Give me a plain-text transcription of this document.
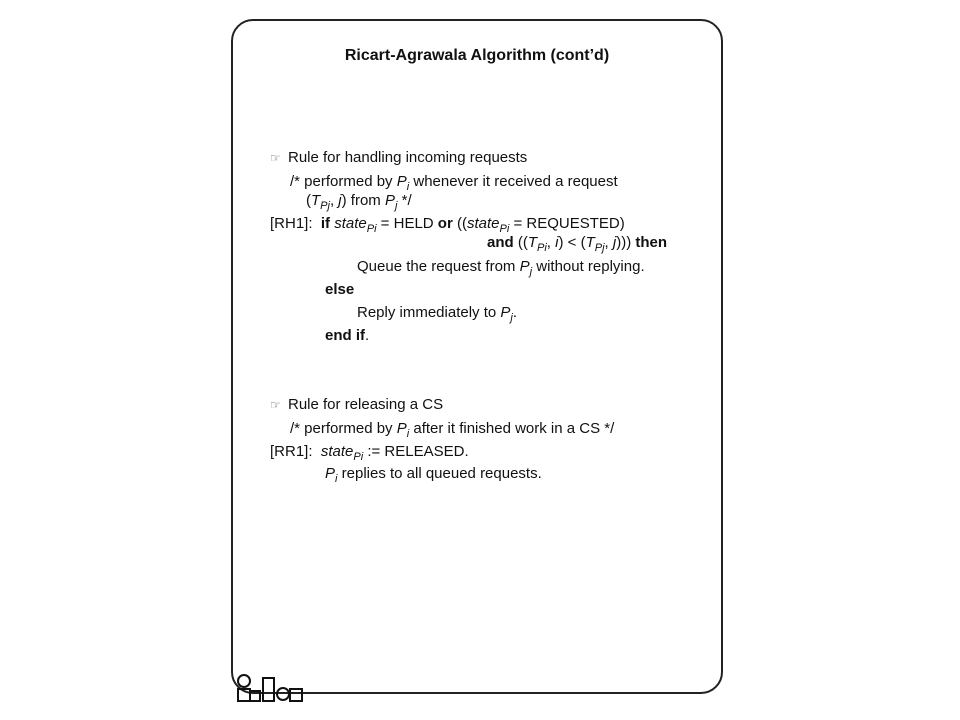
Ricart-Agrawala Algorithm (cont’d)
☞ Rule for handling incoming requests
/* performed by $P_i$ whenever it received a request
($T_{Pj}$, j) from $P_j$ */
[RH1]: if state$_{Pi}$ = HELD or ((state$_{Pi}$ = REQUESTED)
and (($T_{Pi}$, $i) < (T_{Pj}$, j))) then
Queue the request from $P_j$ without replying.
else
Reply immediately to $P_j$.
end if.
☞ Rule for releasing a CS
/* performed by $P_i$ after it finished work in a CS */
[RR1]: state$_{Pi}$ := RELEASED.
$P_i$ replies to all queued requests.
